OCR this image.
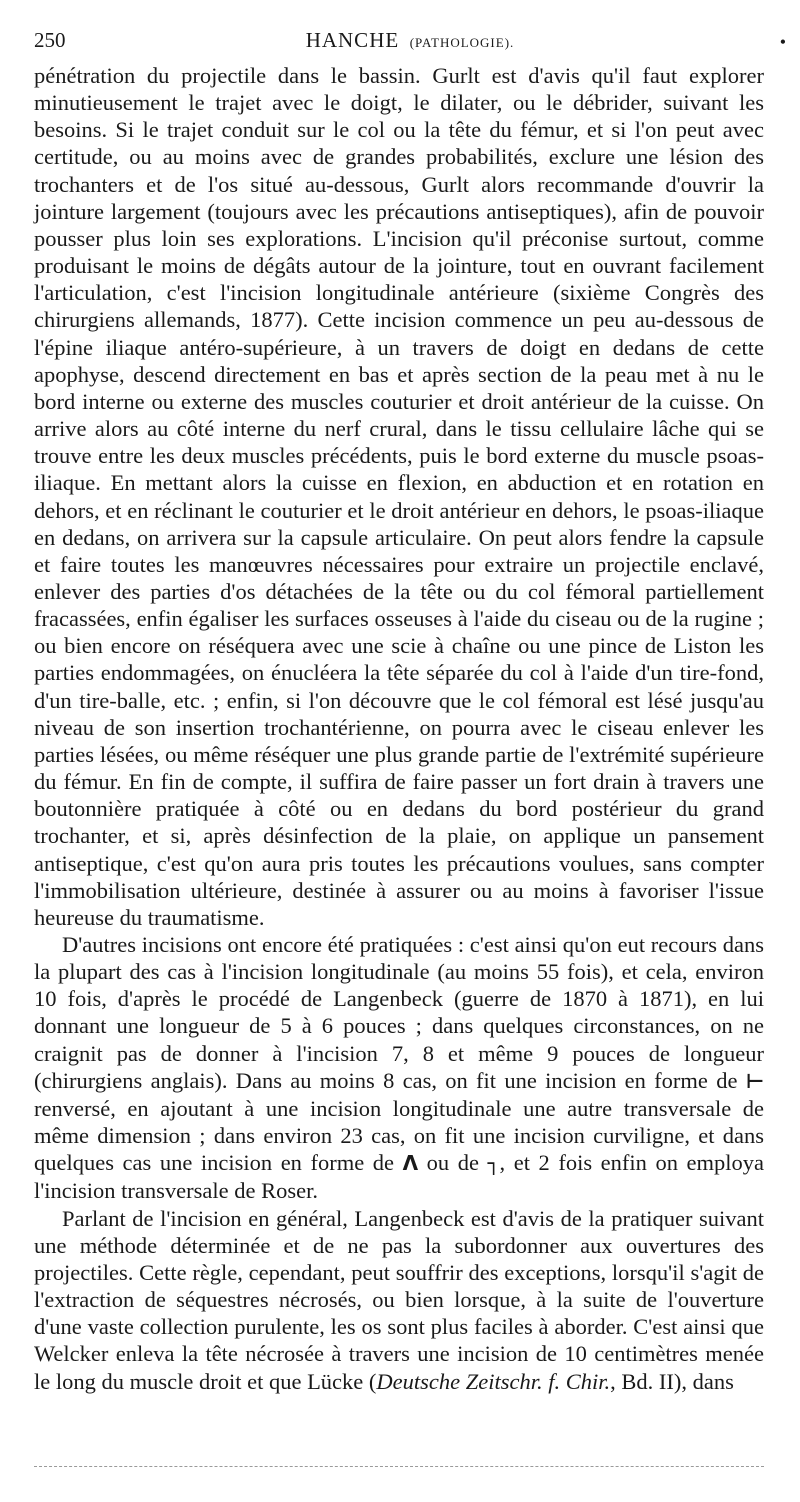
250	HANCHE (PATHOLOGIE).	•

pénétration du projectile dans le bassin. Gurlt est d'avis qu'il faut explorer minutieusement le trajet avec le doigt, le dilater, ou le débrider, suivant les besoins. Si le trajet conduit sur le col ou la tête du fémur, et si l'on peut avec certitude, ou au moins avec de grandes probabilités, exclure une lésion des trochanters et de l'os situé au-dessous, Gurlt alors recommande d'ouvrir la jointure largement (toujours avec les précautions antiseptiques), afin de pouvoir pousser plus loin ses explorations. L'incision qu'il préconise surtout, comme produisant le moins de dégâts autour de la jointure, tout en ouvrant facilement l'articulation, c'est l'incision longitudinale antérieure (sixième Congrès des chirurgiens allemands, 1877). Cette incision commence un peu au-dessous de l'épine iliaque antéro-supérieure, à un travers de doigt en dedans de cette apophyse, descend directement en bas et après section de la peau met à nu le bord interne ou externe des muscles couturier et droit antérieur de la cuisse. On arrive alors au côté interne du nerf crural, dans le tissu cellulaire lâche qui se trouve entre les deux muscles précédents, puis le bord externe du muscle psoas-iliaque. En mettant alors la cuisse en flexion, en abduction et en rotation en dehors, et en réclinant le couturier et le droit antérieur en dehors, le psoas-iliaque en dedans, on arrivera sur la capsule articulaire. On peut alors fendre la capsule et faire toutes les manœuvres nécessaires pour extraire un projectile enclavé, enlever des parties d'os détachées de la tête ou du col fémoral partiellement fracassées, enfin égaliser les surfaces osseuses à l'aide du ciseau ou de la rugine ; ou bien encore on réséquera avec une scie à chaîne ou une pince de Liston les parties endommagées, on énucléera la tête séparée du col à l'aide d'un tire-fond, d'un tire-balle, etc. ; enfin, si l'on découvre que le col fémoral est lésé jusqu'au niveau de son insertion trochantérienne, on pourra avec le ciseau enlever les parties lésées, ou même réséquer une plus grande partie de l'extrémité supérieure du fémur. En fin de compte, il suffira de faire passer un fort drain à travers une boutonnière pratiquée à côté ou en dedans du bord postérieur du grand trochanter, et si, après désinfection de la plaie, on applique un pansement antiseptique, c'est qu'on aura pris toutes les précautions voulues, sans compter l'immobilisation ultérieure, destinée à assurer ou au moins à favoriser l'issue heureuse du traumatisme.

D'autres incisions ont encore été pratiquées : c'est ainsi qu'on eut recours dans la plupart des cas à l'incision longitudinale (au moins 55 fois), et cela, environ 10 fois, d'après le procédé de Langenbeck (guerre de 1870 à 1871), en lui donnant une longueur de 5 à 6 pouces ; dans quelques circonstances, on ne craignit pas de donner à l'incision 7, 8 et même 9 pouces de longueur (chirurgiens anglais). Dans au moins 8 cas, on fit une incision en forme de ⊢ renversé, en ajoutant à une incision longitudinale une autre transversale de même dimension ; dans environ 23 cas, on fit une incision curviligne, et dans quelques cas une incision en forme de Λ ou de ┐, et 2 fois enfin on employa l'incision transversale de Roser.

Parlant de l'incision en général, Langenbeck est d'avis de la pratiquer suivant une méthode déterminée et de ne pas la subordonner aux ouvertures des projectiles. Cette règle, cependant, peut souffrir des exceptions, lorsqu'il s'agit de l'extraction de séquestres nécrosés, ou bien lorsque, à la suite de l'ouverture d'une vaste collection purulente, les os sont plus faciles à aborder. C'est ainsi que Welcker enleva la tête nécrosée à travers une incision de 10 centimètres menée le long du muscle droit et que Lücke (Deutsche Zeitschr. f. Chir., Bd. II), dans
